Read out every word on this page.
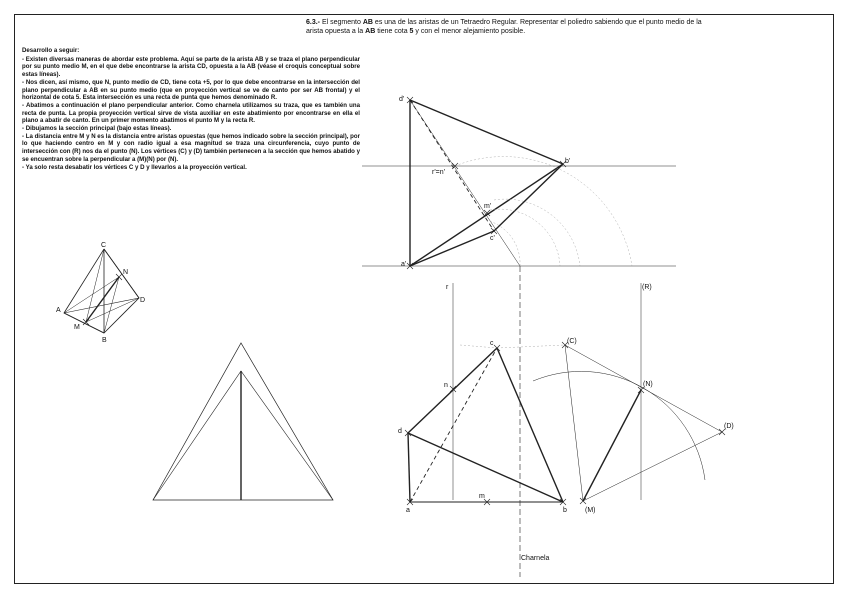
6.3.- El segmento AB es una de las aristas de un Tetraedro Regular. Representar el poliedro sabiendo que el punto medio de la arista opuesta a la AB tiene cota 5 y con el menor alejamiento posible.
Desarrollo a seguir:

- Existen diversas maneras de abordar este problema. Aquí se parte de la arista AB y se traza el plano perpendicular por su punto medio M, en el que debe encontrarse la arista CD, opuesta a la AB (véase el croquis conceptual sobre estas líneas).

- Nos dicen, así mismo, que N, punto medio de CD, tiene cota +5, por lo que debe encontrarse en la intersección del plano perpendicular a AB en su punto medio (que en proyección vertical se ve de canto por ser AB frontal) y el horizontal de cota 5. Esta intersección es una recta de punta que hemos denominado R.

- Abatimos a continuación el plano perpendicular anterior. Como charnela utilizamos su traza, que es también una recta de punta. La propia proyección vertical sirve de vista auxiliar en este abatimiento por encontrarse en ella el plano a abatir de canto. En un primer momento abatimos el punto M y la recta R.

- Dibujamos la sección principal (bajo estas líneas).

- La distancia entre M y N es la distancia entre aristas opuestas (que hemos indicado sobre la sección principal), por lo que haciendo centro en M y con radio igual a esa magnitud se traza una circunferencia, cuyo punto de intersección con (R) nos da el punto (N). Los vértices (C) y (D) también pertenecen a la sección que hemos abatido y se encuentran sobre la perpendicular a (M)(N) por (N).

- Ya solo resta desabatir los vértices C y D y llevarlos a la proyección vertical.

C
N
D
A
M
B
d'
b'
r'=n'
m'
c'
a'
r	(R)
c
n
d
a
m
b
(C)
(N)
(D)
(M)
Charnela
